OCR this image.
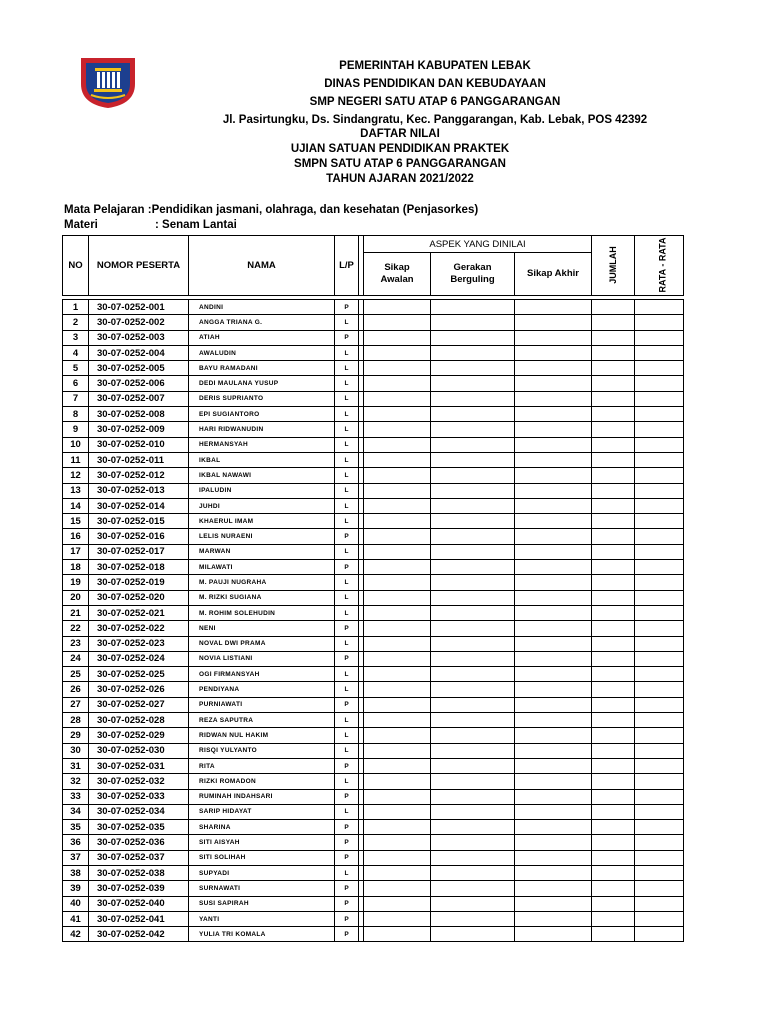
PEMERINTAH KABUPATEN LEBAK
DINAS PENDIDIKAN DAN KEBUDAYAAN
SMP NEGERI SATU ATAP 6 PANGGARANGAN
Jl. Pasirtungku, Ds. Sindangratu, Kec. Panggarangan, Kab. Lebak, POS 42392
DAFTAR NILAI
UJIAN SATUAN PENDIDIKAN PRAKTEK
SMPN SATU ATAP 6 PANGGARANGAN
TAHUN AJARAN 2021/2022
Mata Pelajaran :Pendidikan jasmani, olahraga, dan kesehatan (Penjasorkes)
Materi	: Senam Lantai
NO	NOMOR PESERTA	NAMA	L/P		ASPEK YANG DINILAI			JUMLAH	RATA - RATA

					Sikap Awalan	Gerakan Berguling	Sikap Akhir		

1	30-07-0252-001	ANDINI	P						
2	30-07-0252-002	ANGGA TRIANA G.	L						
3	30-07-0252-003	ATIAH	P						
4	30-07-0252-004	AWALUDIN	L						
5	30-07-0252-005	BAYU RAMADANI	L						
6	30-07-0252-006	DEDI MAULANA YUSUP	L						
7	30-07-0252-007	DERIS SUPRIANTO	L						
8	30-07-0252-008	EPI SUGIANTORO	L						
9	30-07-0252-009	HARI RIDWANUDIN	L						
10	30-07-0252-010	HERMANSYAH	L						
11	30-07-0252-011	IKBAL	L						
12	30-07-0252-012	IKBAL NAWAWI	L						
13	30-07-0252-013	IPALUDIN	L						
14	30-07-0252-014	JUHDI	L						
15	30-07-0252-015	KHAERUL IMAM	L						
16	30-07-0252-016	LELIS NURAENI	P						
17	30-07-0252-017	MARWAN	L						
18	30-07-0252-018	MILAWATI	P						
19	30-07-0252-019	M. PAUJI NUGRAHA	L						
20	30-07-0252-020	M. RIZKI SUGIANA	L						
21	30-07-0252-021	M. ROHIM SOLEHUDIN	L						
22	30-07-0252-022	NENI	P						
23	30-07-0252-023	NOVAL DWI PRAMA	L						
24	30-07-0252-024	NOVIA LISTIANI	P						
25	30-07-0252-025	OGI FIRMANSYAH	L						
26	30-07-0252-026	PENDIYANA	L						
27	30-07-0252-027	PURNIAWATI	P						
28	30-07-0252-028	REZA SAPUTRA	L						
29	30-07-0252-029	RIDWAN NUL HAKIM	L						
30	30-07-0252-030	RISQI YULYANTO	L						
31	30-07-0252-031	RITA	P						
32	30-07-0252-032	RIZKI ROMADON	L						
33	30-07-0252-033	RUMINAH INDAHSARI	P						
34	30-07-0252-034	SARIP HIDAYAT	L						
35	30-07-0252-035	SHARINA	P						
36	30-07-0252-036	SITI AISYAH	P						
37	30-07-0252-037	SITI SOLIHAH	P						
38	30-07-0252-038	SUPYADI	L						
39	30-07-0252-039	SURNAWATI	P						
40	30-07-0252-040	SUSI SAPIRAH	P						
41	30-07-0252-041	YANTI	P						
42	30-07-0252-042	YULIA TRI KOMALA	P						
